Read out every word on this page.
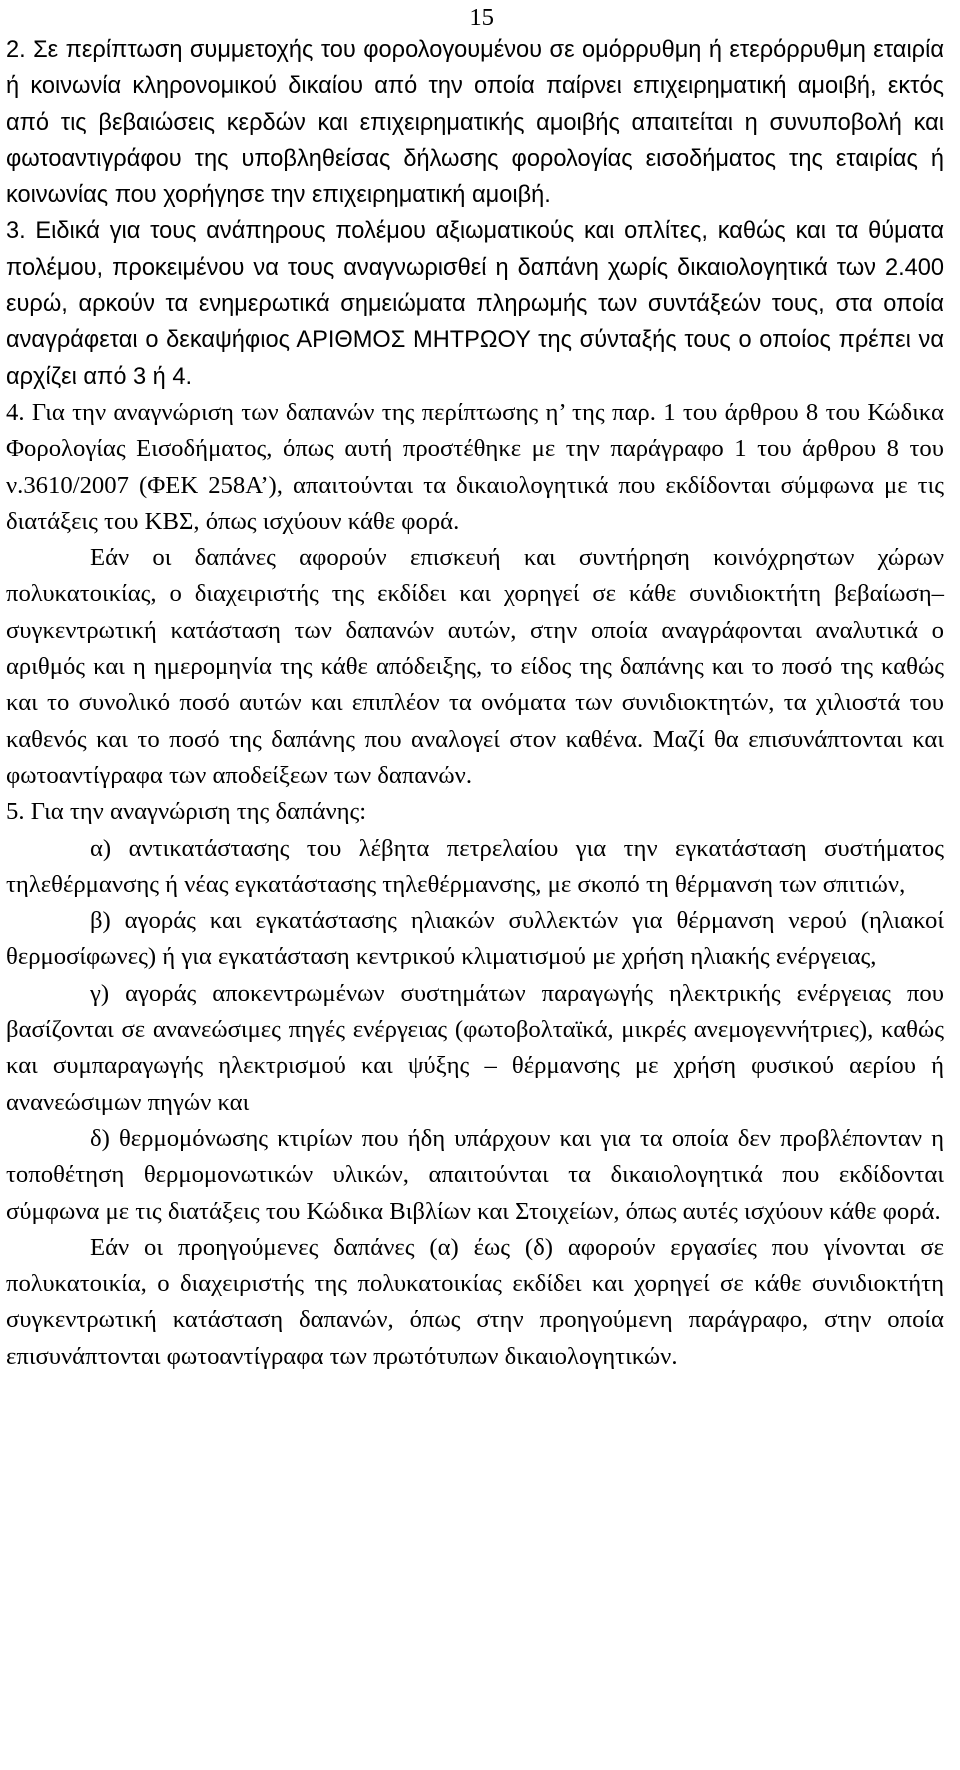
15

2. Σε περίπτωση συμμετοχής του φορολογουμένου σε ομόρρυθμη ή ετερόρρυθμη εταιρία ή κοινωνία κληρονομικού δικαίου από την οποία παίρνει επιχειρηματική αμοιβή, εκτός από τις βεβαιώσεις κερδών και επιχειρηματικής αμοιβής απαιτείται η συνυποβολή και φωτοαντιγράφου της υποβληθείσας δήλωσης φορολογίας εισοδήματος της εταιρίας ή κοινωνίας που χορήγησε την επιχειρηματική αμοιβή.

3. Ειδικά για τους ανάπηρους πολέμου αξιωματικούς και οπλίτες, καθώς και τα θύματα πολέμου, προκειμένου να τους αναγνωρισθεί η δαπάνη χωρίς δικαιολογητικά των 2.400 ευρώ, αρκούν τα ενημερωτικά σημειώματα πληρωμής των συντάξεών τους, στα οποία αναγράφεται ο δεκαψήφιος ΑΡΙΘΜΟΣ ΜΗΤΡΩΟΥ της σύνταξής τους ο οποίος πρέπει να αρχίζει από 3 ή 4.

4. Για την αναγνώριση των δαπανών της περίπτωσης η’ της παρ. 1 του άρθρου 8 του Κώδικα Φορολογίας Εισοδήματος, όπως αυτή προστέθηκε με την παράγραφο 1 του άρθρου 8 του ν.3610/2007 (ΦΕΚ 258Α’), απαιτούνται τα δικαιολογητικά που εκδίδονται σύμφωνα με τις διατάξεις του ΚΒΣ, όπως ισχύουν κάθε φορά.

Εάν οι δαπάνες αφορούν επισκευή και συντήρηση κοινόχρηστων χώρων πολυκατοικίας, ο διαχειριστής της εκδίδει και χορηγεί σε κάθε συνιδιοκτήτη βεβαίωση–συγκεντρωτική κατάσταση των δαπανών αυτών, στην οποία αναγράφονται αναλυτικά ο αριθμός και η ημερομηνία της κάθε απόδειξης, το είδος της δαπάνης και το ποσό της καθώς και το συνολικό ποσό αυτών και επιπλέον τα ονόματα των συνιδιοκτητών, τα χιλιοστά του καθενός και το ποσό της δαπάνης που αναλογεί στον καθένα. Μαζί θα επισυνάπτονται και φωτοαντίγραφα των αποδείξεων των δαπανών.

5. Για την αναγνώριση της δαπάνης:

α) αντικατάστασης του λέβητα πετρελαίου για την εγκατάσταση συστήματος τηλεθέρμανσης ή νέας εγκατάστασης τηλεθέρμανσης, με σκοπό τη θέρμανση των σπιτιών,

β) αγοράς και εγκατάστασης ηλιακών συλλεκτών για θέρμανση νερού (ηλιακοί θερμοσίφωνες) ή για εγκατάσταση κεντρικού κλιματισμού με χρήση ηλιακής ενέργειας,

γ) αγοράς αποκεντρωμένων συστημάτων παραγωγής ηλεκτρικής ενέργειας που βασίζονται σε ανανεώσιμες πηγές ενέργειας (φωτοβολταϊκά, μικρές ανεμογεννήτριες), καθώς και συμπαραγωγής ηλεκτρισμού και ψύξης – θέρμανσης με χρήση φυσικού αερίου ή ανανεώσιμων πηγών και

δ) θερμομόνωσης κτιρίων που ήδη υπάρχουν και για τα οποία δεν προβλέπονταν η τοποθέτηση θερμομονωτικών υλικών, απαιτούνται τα δικαιολογητικά που εκδίδονται σύμφωνα με τις διατάξεις του Κώδικα Βιβλίων και Στοιχείων, όπως αυτές ισχύουν κάθε φορά.

Εάν οι προηγούμενες δαπάνες (α) έως (δ) αφορούν εργασίες που γίνονται σε πολυκατοικία, ο διαχειριστής της πολυκατοικίας εκδίδει και χορηγεί σε κάθε συνιδιοκτήτη συγκεντρωτική κατάσταση δαπανών, όπως στην προηγούμενη παράγραφο, στην οποία επισυνάπτονται φωτοαντίγραφα των πρωτότυπων δικαιολογητικών.
